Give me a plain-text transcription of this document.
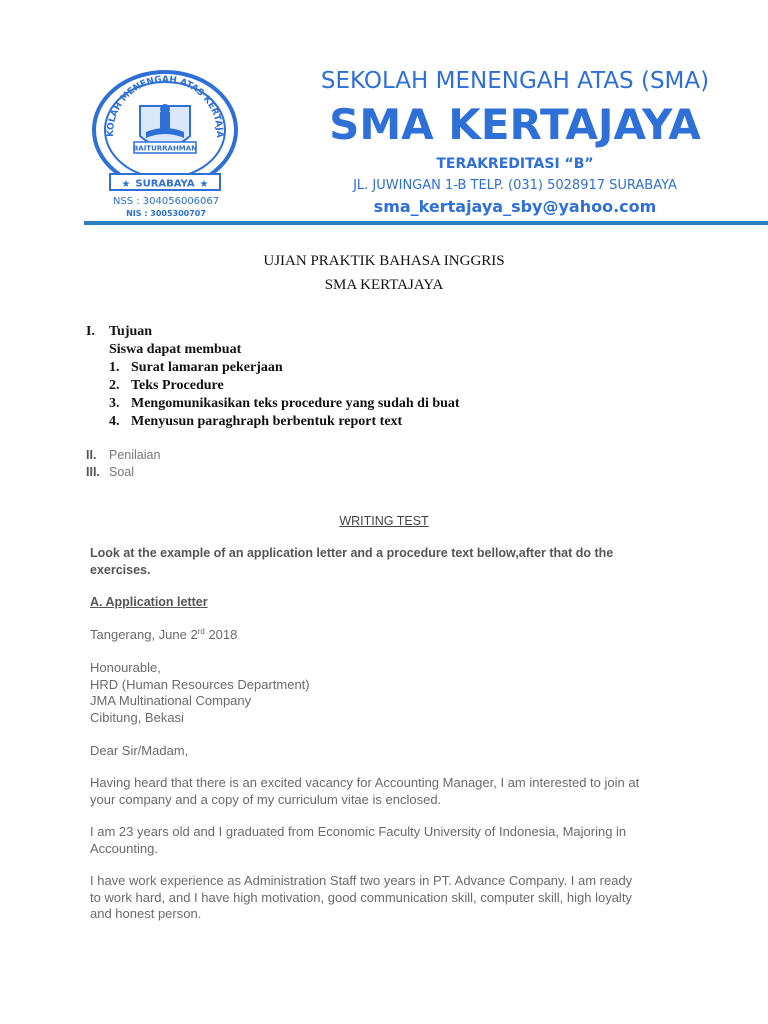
KOLAH MENENGAH ATAS KERTAJA
BAITURRAHMAN
★	★
SURABAYA
NSS : 304056006067
NIS : 3005300707
SEKOLAH MENENGAH ATAS (SMA)
SMA KERTAJAYA
TERAKREDITASI “B”
JL. JUWINGAN 1-B TELP. (031) 5028917 SURABAYA
sma_kertajaya_sby@yahoo.com
UJIAN PRAKTIK BAHASA INGGRIS
SMA KERTAJAYA
I. Tujuan
Siswa dapat membuat
1. Surat lamaran pekerjaan
2. Teks Procedure
3. Mengomunikasikan teks procedure yang sudah di buat
4. Menyusun paraghraph berbentuk report text
II. Penilaian
III. Soal
WRITING TEST
Look at the example of an application letter and a procedure text bellow,after that do the
exercises.
A. Application letter
Tangerang, June 2rd 2018
Honourable,
HRD (Human Resources Department)
JMA Multinational Company
Cibitung, Bekasi
Dear Sir/Madam,
Having heard that there is an excited vacancy for Accounting Manager, I am interested to join at
your company and a copy of my curriculum vitae is enclosed.
I am 23 years old and I graduated from Economic Faculty University of Indonesia, Majoring in
Accounting.
I have work experience as Administration Staff two years in PT. Advance Company. I am ready
to work hard, and I have high motivation, good communication skill, computer skill, high loyalty
and honest person.
